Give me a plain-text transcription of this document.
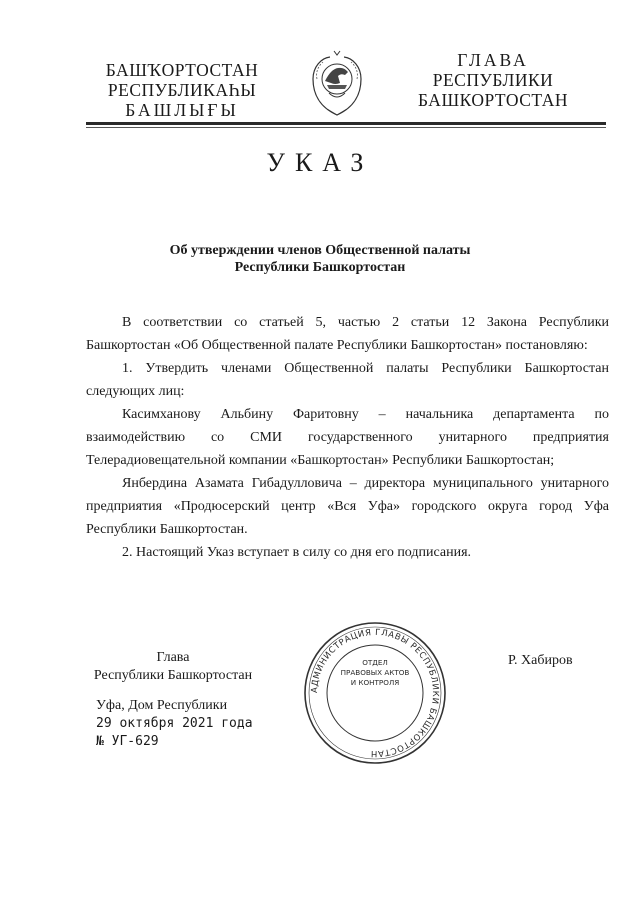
БАШҠОРТОСТАН
РЕСПУБЛИКАҺЫ
БАШЛЫҒЫ
ГЛАВА
РЕСПУБЛИКИ
БАШКОРТОСТАН
УКАЗ
Об утверждении членов Общественной палаты
Республики Башкортостан

В соответствии со статьей 5, частью 2 статьи 12 Закона Республики Башкортостан «Об Общественной палате Республики Башкортостан» постановляю:

1. Утвердить членами Общественной палаты Республики Башкортостан следующих лиц:

Касимханову Альбину Фаритовну – начальника департамента по взаимодействию со СМИ государственного унитарного предприятия Телерадиовещательной компании «Башкортостан» Республики Башкортостан;

Янбердина Азамата Гибадулловича – директора муниципального унитарного предприятия «Продюсерский центр «Вся Уфа» городского округа город Уфа Республики Башкортостан.

2. Настоящий Указ вступает в силу со дня его подписания.

Глава
Республики Башкортостан
АДМИНИСТРАЦИЯ ГЛАВЫ РЕСПУБЛИКИ БАШКОРТОСТАН
ОТДЕЛ
ПРАВОВЫХ АКТОВ
И КОНТРОЛЯ
Р. Хабиров
Уфа, Дом Республики
29 октября 2021 года
№ УГ-629
